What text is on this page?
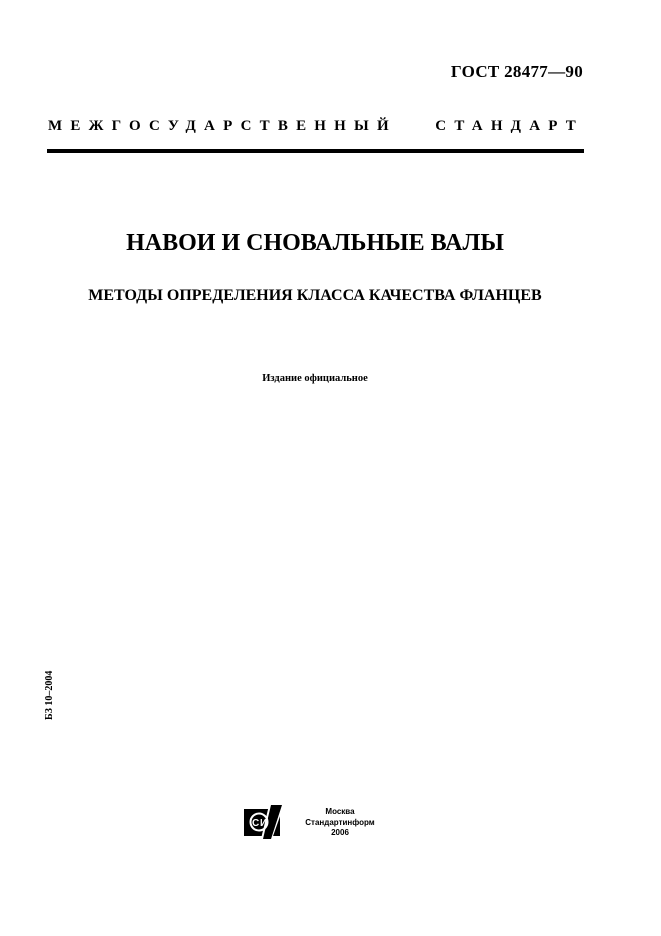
ГОСТ 28477—90
МЕЖГОСУДАРСТВЕННЫЙ	СТАНДАРТ
НАВОИ И СНОВАЛЬНЫЕ ВАЛЫ
МЕТОДЫ ОПРЕДЕЛЕНИЯ КЛАССА КАЧЕСТВА ФЛАНЦЕВ
Издание официальное
БЗ 10–2004
С И
Москва
Стандартинформ
2006
